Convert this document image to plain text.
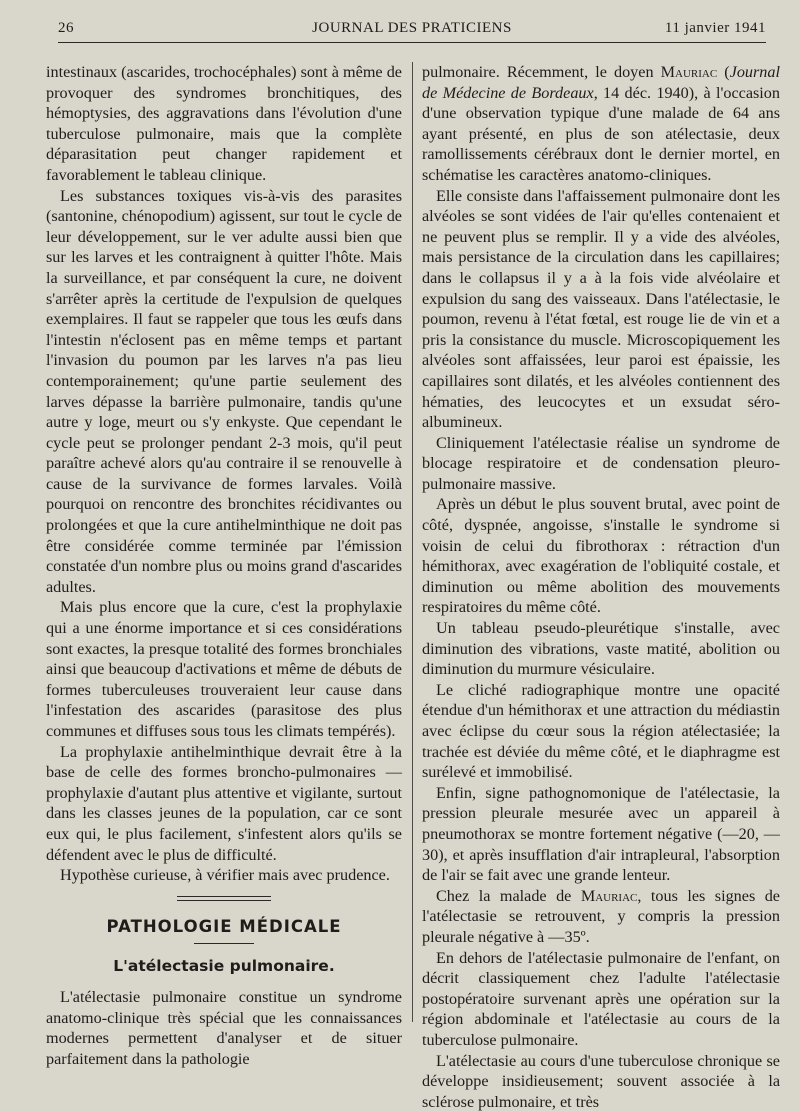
26	JOURNAL DES PRATICIENS	11 janvier 1941

intestinaux (ascarides, trochocéphales) sont à même de provoquer des syndromes bronchitiques, des hémoptysies, des aggravations dans l'évolution d'une tuberculose pulmonaire, mais que la complète déparasitation peut changer rapidement et favorablement le tableau clinique.

Les substances toxiques vis-à-vis des parasites (santonine, chénopodium) agissent, sur tout le cycle de leur développement, sur le ver adulte aussi bien que sur les larves et les contraignent à quitter l'hôte. Mais la surveillance, et par conséquent la cure, ne doivent s'arrêter après la certitude de l'expulsion de quelques exemplaires. Il faut se rappeler que tous les œufs dans l'intestin n'éclosent pas en même temps et partant l'invasion du poumon par les larves n'a pas lieu contemporainement; qu'une partie seulement des larves dépasse la barrière pulmonaire, tandis qu'une autre y loge, meurt ou s'y enkyste. Que cependant le cycle peut se prolonger pendant 2-3 mois, qu'il peut paraître achevé alors qu'au contraire il se renouvelle à cause de la survivance de formes larvales. Voilà pourquoi on rencontre des bronchites récidivantes ou prolongées et que la cure antihelminthique ne doit pas être considérée comme terminée par l'émission constatée d'un nombre plus ou moins grand d'ascarides adultes.

Mais plus encore que la cure, c'est la prophylaxie qui a une énorme importance et si ces considérations sont exactes, la presque totalité des formes bronchiales ainsi que beaucoup d'activations et même de débuts de formes tuberculeuses trouveraient leur cause dans l'infestation des ascarides (parasitose des plus communes et diffuses sous tous les climats tempérés).

La prophylaxie antihelminthique devrait être à la base de celle des formes broncho-pulmonaires — prophylaxie d'autant plus attentive et vigilante, surtout dans les classes jeunes de la population, car ce sont eux qui, le plus facilement, s'infestent alors qu'ils se défendent avec le plus de difficulté.

Hypothèse curieuse, à vérifier mais avec prudence.

PATHOLOGIE MÉDICALE
L'atélectasie pulmonaire.

L'atélectasie pulmonaire constitue un syndrome anatomo-clinique très spécial que les connaissances modernes permettent d'analyser et de situer parfaitement dans la pathologie

pulmonaire. Récemment, le doyen Mauriac (Journal de Médecine de Bordeaux, 14 déc. 1940), à l'occasion d'une observation typique d'une malade de 64 ans ayant présenté, en plus de son atélectasie, deux ramollissements cérébraux dont le dernier mortel, en schématise les caractères anatomo-cliniques.

Elle consiste dans l'affaissement pulmonaire dont les alvéoles se sont vidées de l'air qu'elles contenaient et ne peuvent plus se remplir. Il y a vide des alvéoles, mais persistance de la circulation dans les capillaires; dans le collapsus il y a à la fois vide alvéolaire et expulsion du sang des vaisseaux. Dans l'atélectasie, le poumon, revenu à l'état fœtal, est rouge lie de vin et a pris la consistance du muscle. Microscopiquement les alvéoles sont affaissées, leur paroi est épaissie, les capillaires sont dilatés, et les alvéoles contiennent des hématies, des leucocytes et un exsudat séro-albumineux.

Cliniquement l'atélectasie réalise un syndrome de blocage respiratoire et de condensation pleuro-pulmonaire massive.

Après un début le plus souvent brutal, avec point de côté, dyspnée, angoisse, s'installe le syndrome si voisin de celui du fibrothorax : rétraction d'un hémithorax, avec exagération de l'obliquité costale, et diminution ou même abolition des mouvements respiratoires du même côté.

Un tableau pseudo-pleurétique s'installe, avec diminution des vibrations, vaste matité, abolition ou diminution du murmure vésiculaire.

Le cliché radiographique montre une opacité étendue d'un hémithorax et une attraction du médiastin avec éclipse du cœur sous la région atélectasiée; la trachée est déviée du même côté, et le diaphragme est surélevé et immobilisé.

Enfin, signe pathognomonique de l'atélectasie, la pression pleurale mesurée avec un appareil à pneumothorax se montre fortement négative (—20, —30), et après insufflation d'air intrapleural, l'absorption de l'air se fait avec une grande lenteur.

Chez la malade de Mauriac, tous les signes de l'atélectasie se retrouvent, y compris la pression pleurale négative à —35º.

En dehors de l'atélectasie pulmonaire de l'enfant, on décrit classiquement chez l'adulte l'atélectasie postopératoire survenant après une opération sur la région abdominale et l'atélectasie au cours de la tuberculose pulmonaire.

L'atélectasie au cours d'une tuberculose chronique se développe insidieusement; souvent associée à la sclérose pulmonaire, et très
